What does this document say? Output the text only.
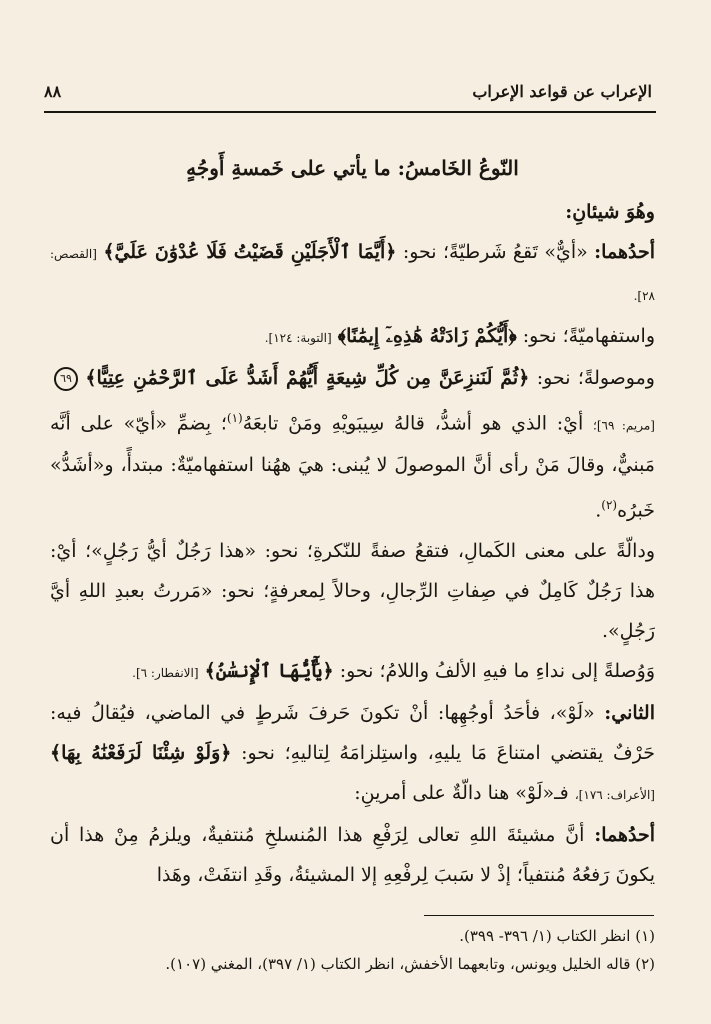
الإعراب عن قواعد الإعراب
٨٨

النّوعُ الخَامسُ: ما يأتي على خَمسةِ أَوجُهٍ

وهُوَ شيئانِ:

أحدُهما: «أيٌّ» تَقعُ شَرطيّةً؛ نحو: ﴿أَيَّمَا ٱلْأَجَلَيْنِ قَضَيْتُ فَلَا عُدْوَٰنَ عَلَيَّ﴾ [القصص: ٢٨].

واستفهاميّةً؛ نحو: ﴿أَيُّكُمْ زَادَتْهُ هَٰذِهِۦٓ إِيمَٰنًا﴾ [التوبة: ١٢٤].

وموصولةً؛ نحو: ﴿ثُمَّ لَنَنزِعَنَّ مِن كُلِّ شِيعَةٍ أَيُّهُمْ أَشَدُّ عَلَى ٱلرَّحْمَٰنِ عِتِيًّا﴾ ٦٩ [مريم: ٦٩]؛ أيْ: الذي هو أشدُّ، قالهُ سِيبَويْهِ ومَنْ تابعَهُ$^{(١)}$؛ بِضمِّ «أيّ» على أنَّه مَبنيٌّ، وقالَ مَنْ رأى أنَّ الموصولَ لا يُبنى: هيَ ههُنا استفهاميّةٌ: مبتدأً، و«أشَدُّ» خَبرُه$^{(٢)}$.

ودالّةً على معنى الكَمالِ، فتقعُ صفةً للنّكرةِ؛ نحو: «هذا رَجُلٌ أيُّ رَجُلٍ»؛ أيْ: هذا رَجُلٌ كَامِلٌ في صِفاتِ الرِّجالِ، وحالاً لِمعرفةٍ؛ نحو: «مَررتُ بعبدِ اللهِ أيَّ رَجُلٍ».

وَوُصلةً إلى نداءِ ما فيهِ الألفُ واللامُ؛ نحو: ﴿يَٰٓأَيُّهَا ٱلْإِنسَٰنُ﴾ [الانفطار: ٦].

الثاني: «لَوْ»، فأحَدُ أوجُهِها: أنْ تكونَ حَرفَ شَرطٍ في الماضي، فيُقالُ فيه: حَرْفٌ يقتضي امتناعَ مَا يليهِ، واستِلزامَهُ لِتاليهِ؛ نحو: ﴿وَلَوْ شِئْنَا لَرَفَعْنَٰهُ بِهَا﴾ [الأعراف: ١٧٦]، فـ«لَوْ» هنا دالّةٌ على أمرينِ:

أحدُهما: أنَّ مشيئةَ اللهِ تعالى لِرَفْعِ هذا المُنسلخِ مُنتفيةٌ، ويلزمُ مِنْ هذا أن يكونَ رَفعُهُ مُنتفياً؛ إذْ لا سَببَ لِرفْعِهِ إلا المشيئةُ، وقَدِ انتفَتْ، وهَذا

(١) انظر الكتاب (١/ ٣٩٦- ٣٩٩).

(٢) قاله الخليل ويونس، وتابعهما الأخفش، انظر الكتاب (١/ ٣٩٧)، المغني (١٠٧).
